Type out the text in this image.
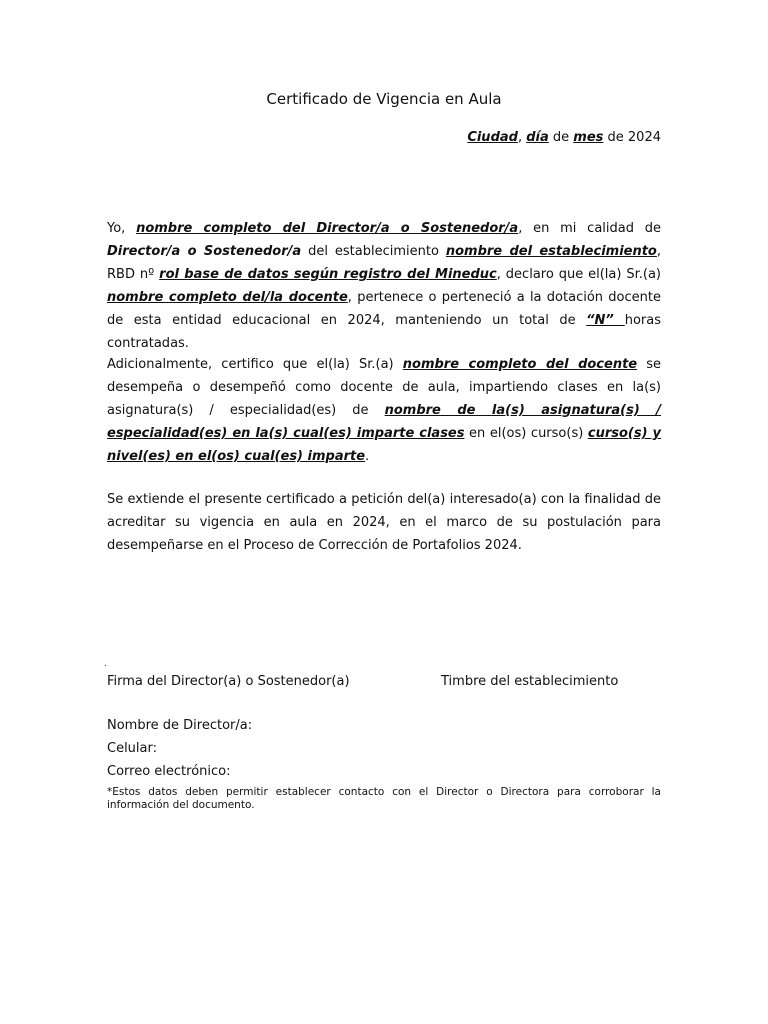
Certificado de Vigencia en Aula

Ciudad, día de mes de 2024

Yo, nombre completo del Director/a o Sostenedor/a, en mi calidad de Director/a o Sostenedor/a del establecimiento nombre del establecimiento, RBD nº rol base de datos según registro del Mineduc, declaro que el(la) Sr.(a) nombre completo del/la docente, pertenece o perteneció a la dotación docente de esta entidad educacional en 2024, manteniendo un total de “N” horas contratadas.

Adicionalmente, certifico que el(la) Sr.(a) nombre completo del docente se desempeña o desempeñó como docente de aula, impartiendo clases en la(s) asignatura(s) / especialidad(es) de nombre de la(s) asignatura(s) / especialidad(es) en la(s) cual(es) imparte clases en el(os) curso(s) curso(s) y nivel(es) en el(os) cual(es) imparte.

Se extiende el presente certificado a petición del(a) interesado(a) con la finalidad de acreditar su vigencia en aula en 2024, en el marco de su postulación para desempeñarse en el Proceso de Corrección de Portafolios 2024.

.

Firma del Director(a) o Sostenedor(a)	Timbre del establecimiento

Nombre de Director/a:

Celular:

Correo electrónico:

*Estos datos deben permitir establecer contacto con el Director o Directora para corroborar la información del documento.
